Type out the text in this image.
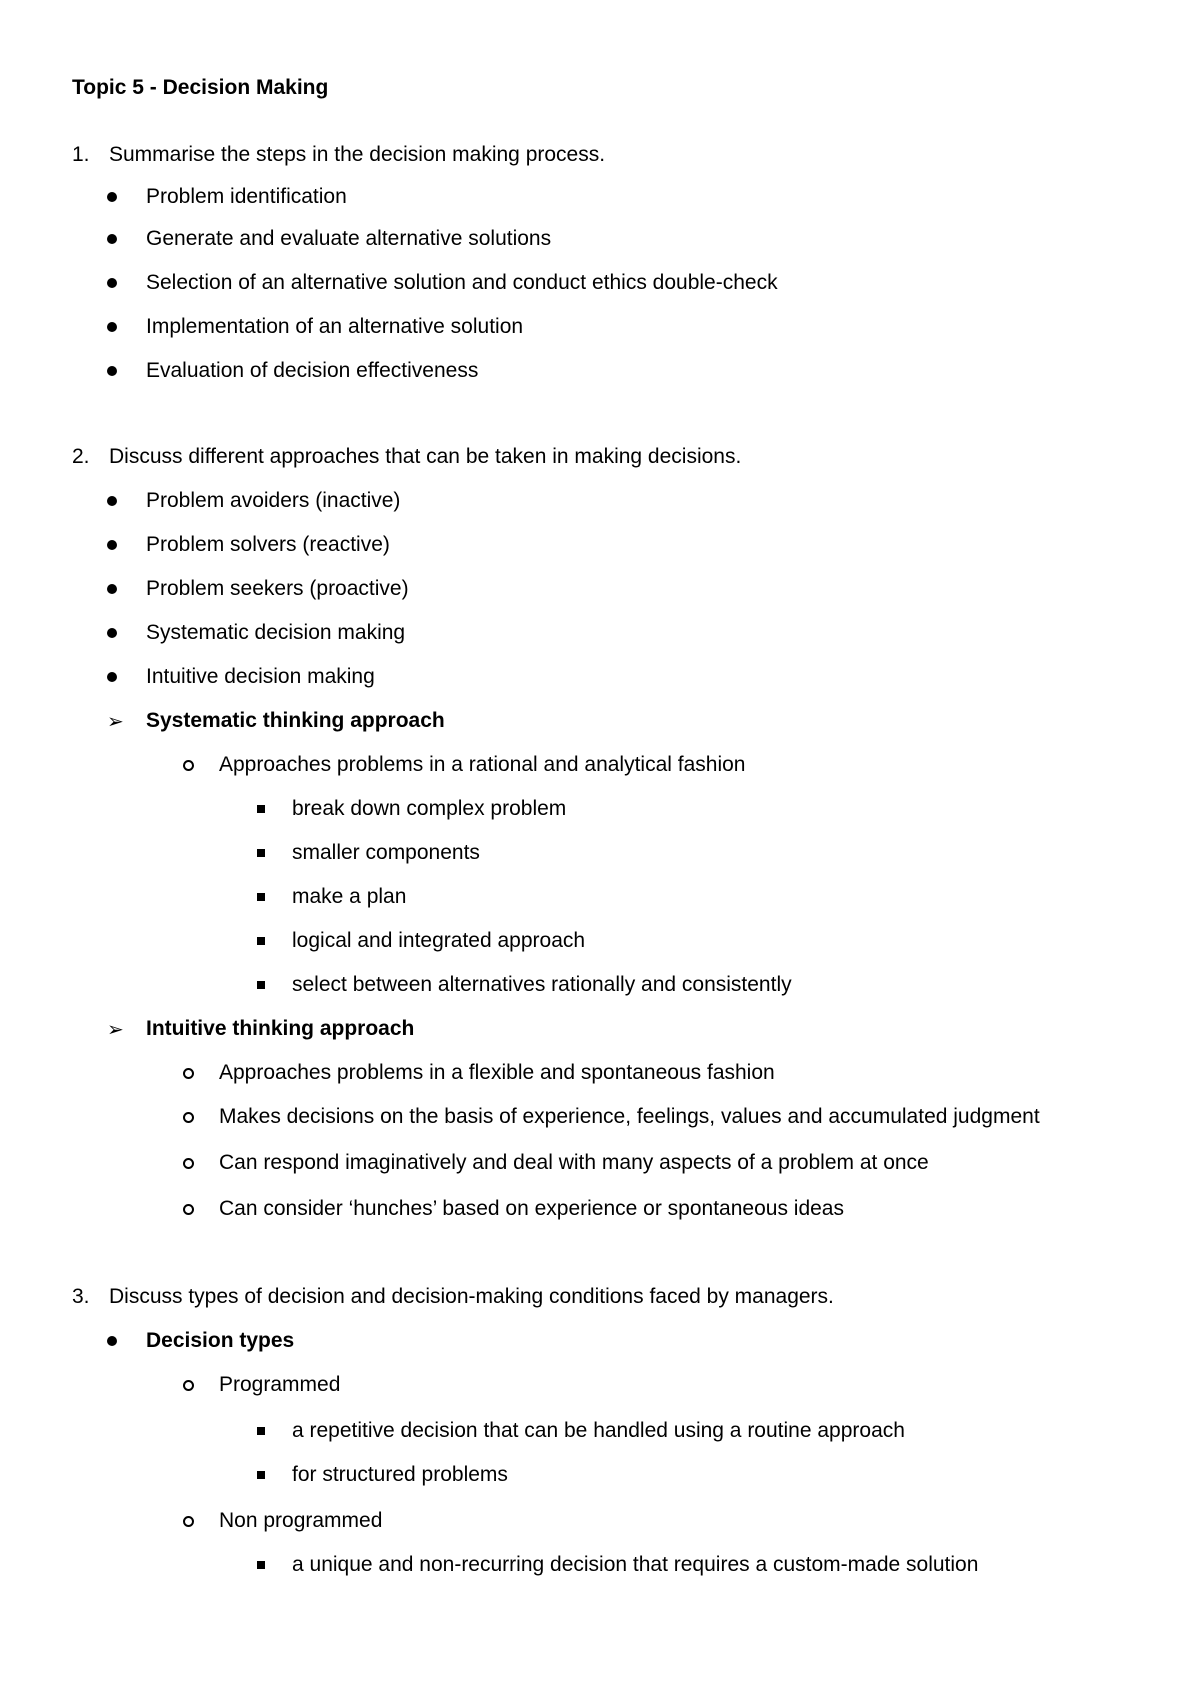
Topic 5 - Decision Making
1. Summarise the steps in the decision making process.
Problem identification
Generate and evaluate alternative solutions
Selection of an alternative solution and conduct ethics double-check
Implementation of an alternative solution
Evaluation of decision effectiveness
2. Discuss different approaches that can be taken in making decisions.
Problem avoiders (inactive)
Problem solvers (reactive)
Problem seekers (proactive)
Systematic decision making
Intuitive decision making
➢ Systematic thinking approach
Approaches problems in a rational and analytical fashion
break down complex problem
smaller components
make a plan
logical and integrated approach
select between alternatives rationally and consistently
➢ Intuitive thinking approach
Approaches problems in a flexible and spontaneous fashion
Makes decisions on the basis of experience, feelings, values and accumulated judgment
Can respond imaginatively and deal with many aspects of a problem at once
Can consider ‘hunches’ based on experience or spontaneous ideas
3. Discuss types of decision and decision-making conditions faced by managers.
Decision types
Programmed
a repetitive decision that can be handled using a routine approach
for structured problems
Non programmed
a unique and non-recurring decision that requires a custom-made solution
